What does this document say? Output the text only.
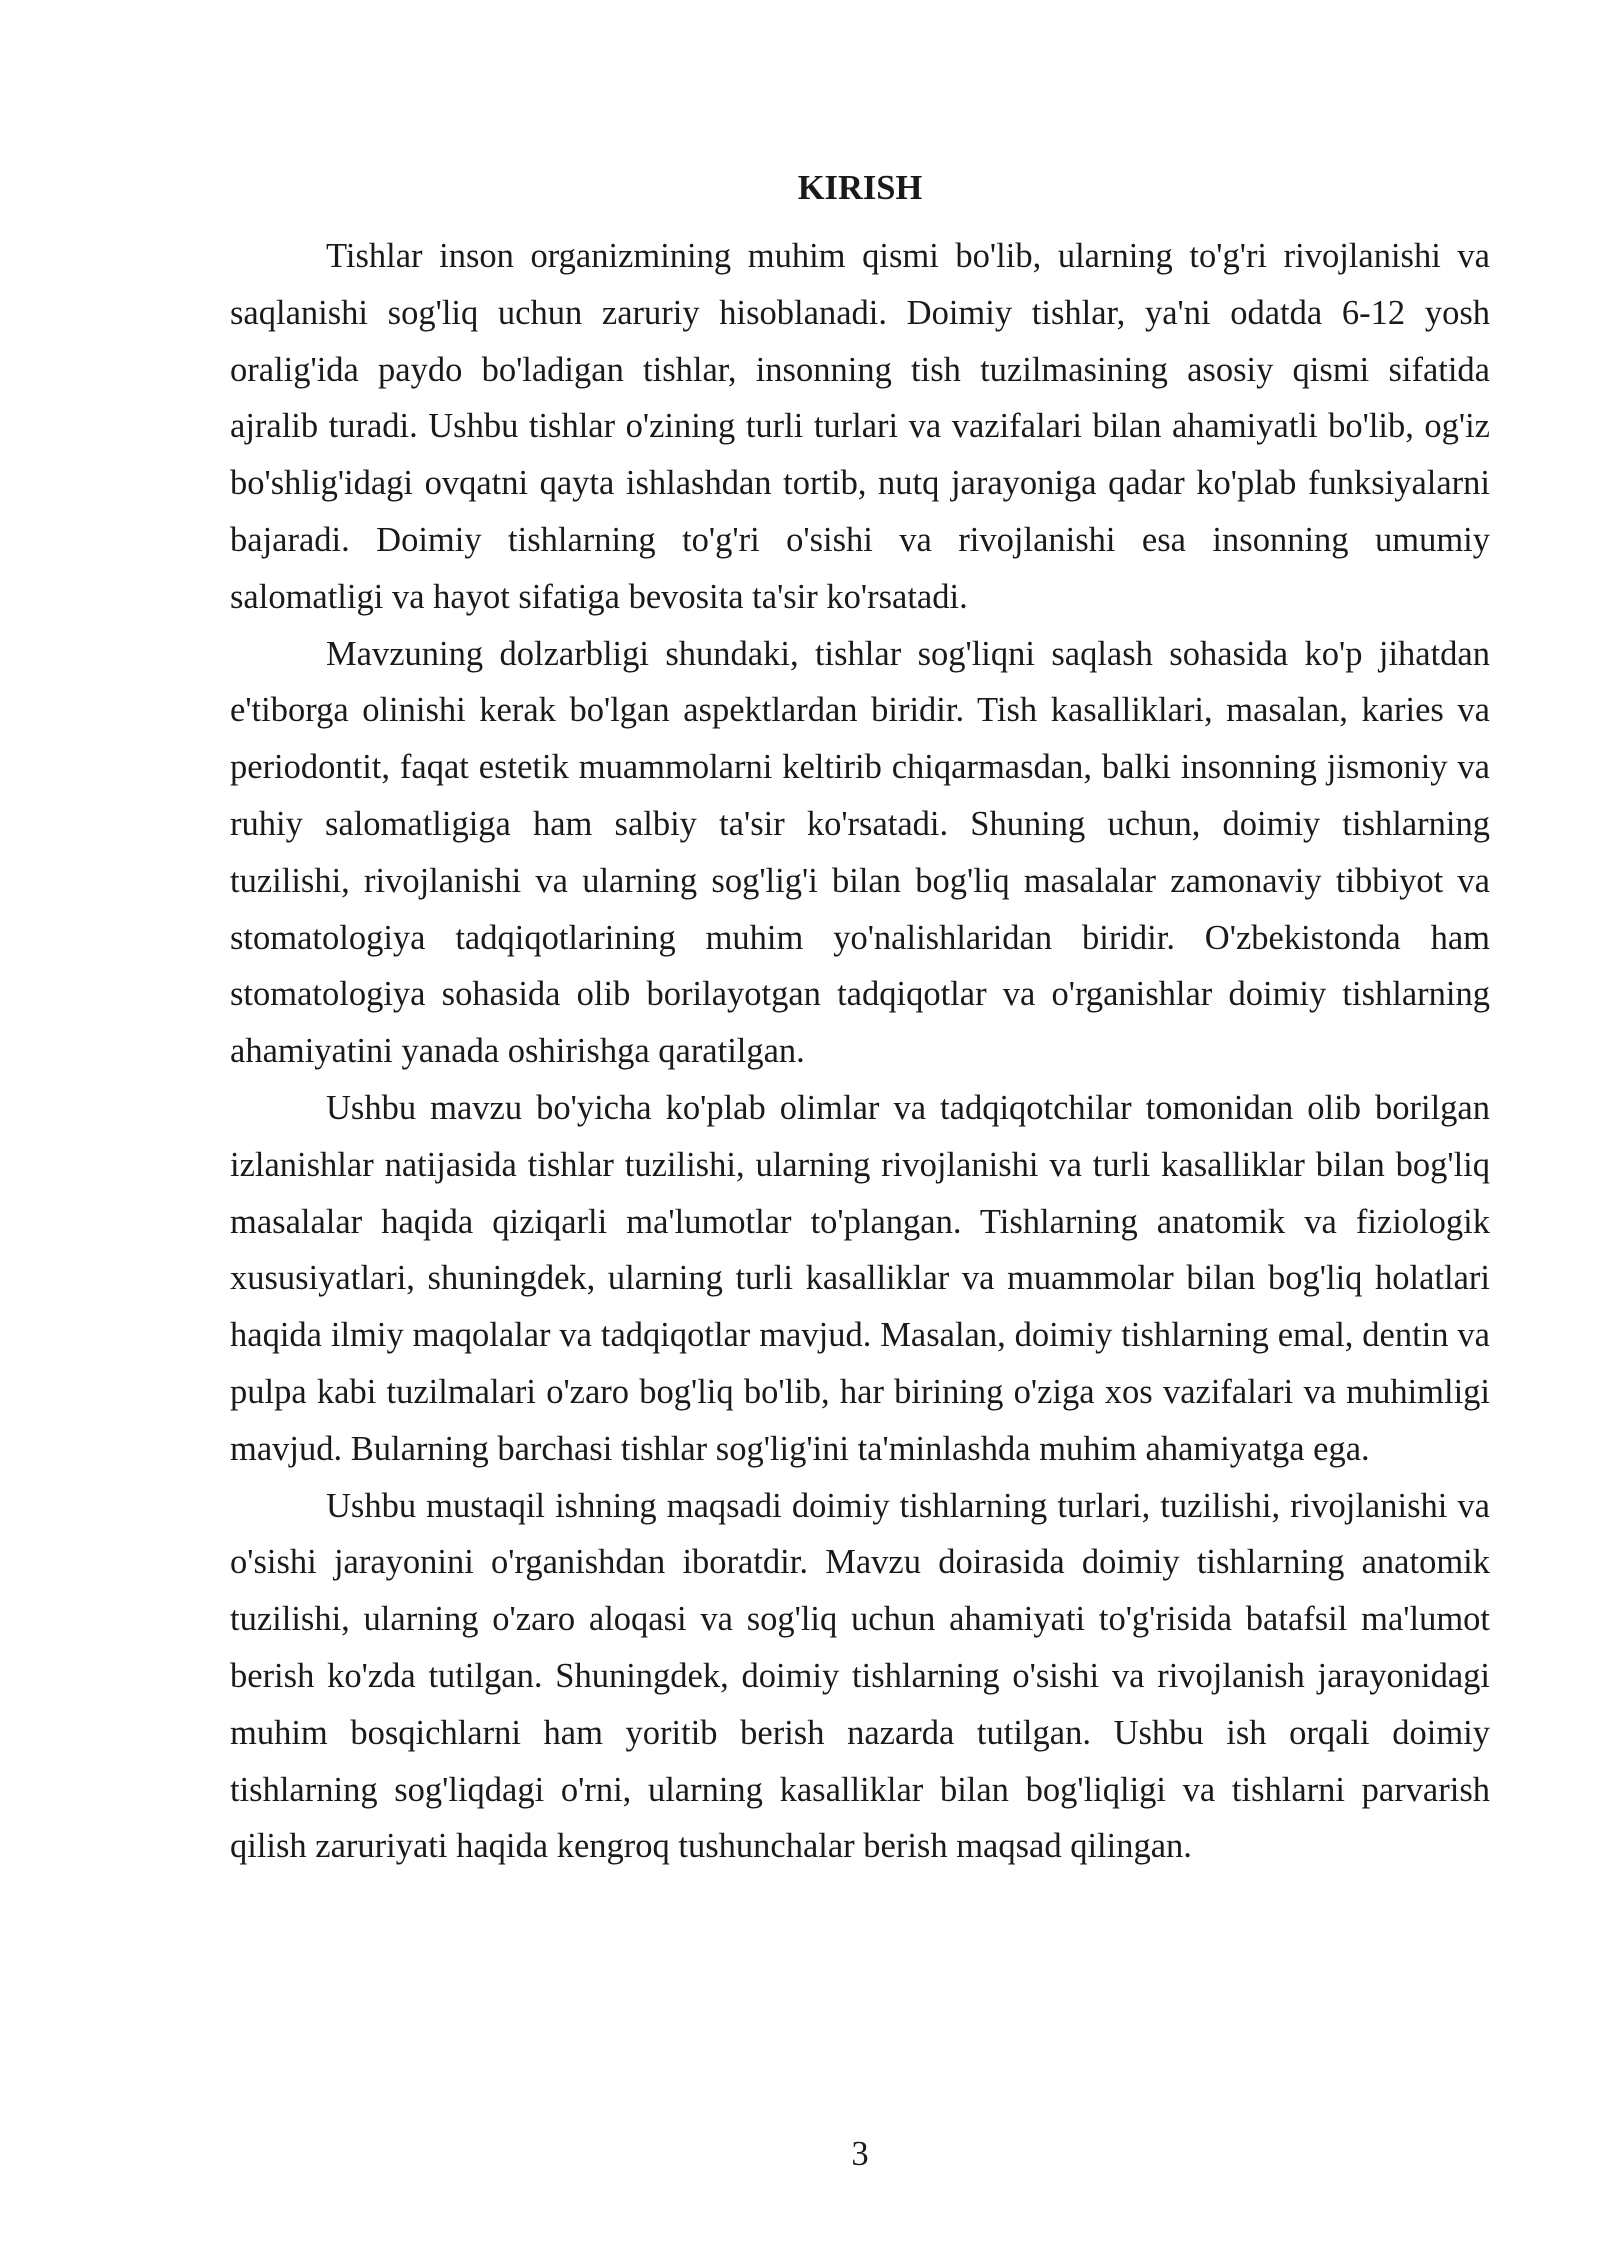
KIRISH

Tishlar inson organizmining muhim qismi bo'lib, ularning to'g'ri rivojlanishi va saqlanishi sog'liq uchun zaruriy hisoblanadi. Doimiy tishlar, ya'ni odatda 6-12 yosh oralig'ida paydo bo'ladigan tishlar, insonning tish tuzilmasining asosiy qismi sifatida ajralib turadi. Ushbu tishlar o'zining turli turlari va vazifalari bilan ahamiyatli bo'lib, og'iz bo'shlig'idagi ovqatni qayta ishlashdan tortib, nutq jarayoniga qadar ko'plab funksiyalarni bajaradi. Doimiy tishlarning to'g'ri o'sishi va rivojlanishi esa insonning umumiy salomatligi va hayot sifatiga bevosita ta'sir ko'rsatadi.

Mavzuning dolzarbligi shundaki, tishlar sog'liqni saqlash sohasida ko'p jihatdan e'tiborga olinishi kerak bo'lgan aspektlardan biridir. Tish kasalliklari, masalan, karies va periodontit, faqat estetik muammolarni keltirib chiqarmasdan, balki insonning jismoniy va ruhiy salomatligiga ham salbiy ta'sir ko'rsatadi. Shuning uchun, doimiy tishlarning tuzilishi, rivojlanishi va ularning sog'lig'i bilan bog'liq masalalar zamonaviy tibbiyot va stomatologiya tadqiqotlarining muhim yo'nalishlaridan biridir. O'zbekistonda ham stomatologiya sohasida olib borilayotgan tadqiqotlar va o'rganishlar doimiy tishlarning ahamiyatini yanada oshirishga qaratilgan.

Ushbu mavzu bo'yicha ko'plab olimlar va tadqiqotchilar tomonidan olib borilgan izlanishlar natijasida tishlar tuzilishi, ularning rivojlanishi va turli kasalliklar bilan bog'liq masalalar haqida qiziqarli ma'lumotlar to'plangan. Tishlarning anatomik va fiziologik xususiyatlari, shuningdek, ularning turli kasalliklar va muammolar bilan bog'liq holatlari haqida ilmiy maqolalar va tadqiqotlar mavjud. Masalan, doimiy tishlarning emal, dentin va pulpa kabi tuzilmalari o'zaro bog'liq bo'lib, har birining o'ziga xos vazifalari va muhimligi mavjud. Bularning barchasi tishlar sog'lig'ini ta'minlashda muhim ahamiyatga ega.

Ushbu mustaqil ishning maqsadi doimiy tishlarning turlari, tuzilishi, rivojlanishi va o'sishi jarayonini o'rganishdan iboratdir. Mavzu doirasida doimiy tishlarning anatomik tuzilishi, ularning o'zaro aloqasi va sog'liq uchun ahamiyati to'g'risida batafsil ma'lumot berish ko'zda tutilgan. Shuningdek, doimiy tishlarning o'sishi va rivojlanish jarayonidagi muhim bosqichlarni ham yoritib berish nazarda tutilgan. Ushbu ish orqali doimiy tishlarning sog'liqdagi o'rni, ularning kasalliklar bilan bog'liqligi va tishlarni parvarish qilish zaruriyati haqida kengroq tushunchalar berish maqsad qilingan.

3
